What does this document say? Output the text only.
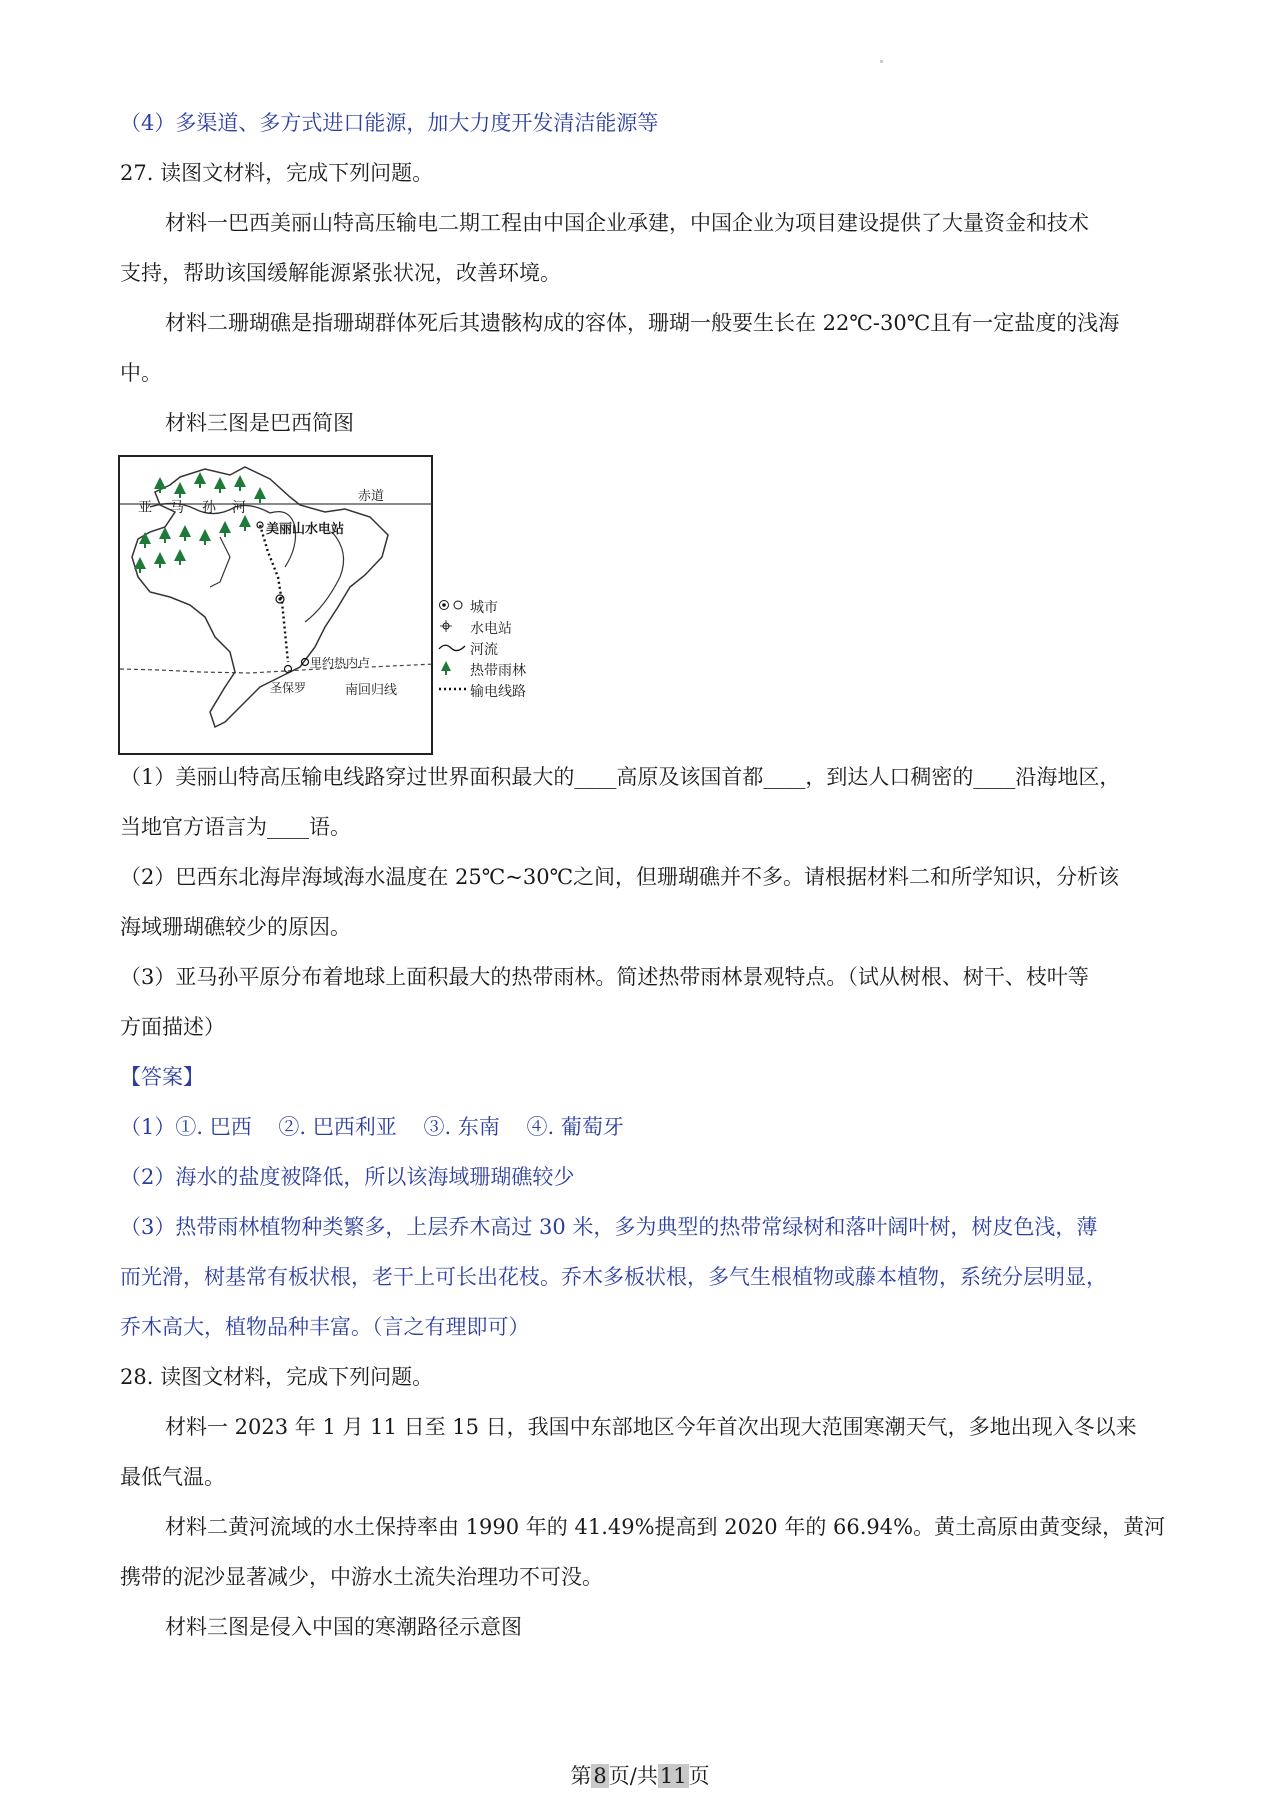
（4）多渠道、多方式进口能源，加大力度开发清洁能源等
27. 读图文材料，完成下列问题。
材料一巴西美丽山特高压输电二期工程由中国企业承建，中国企业为项目建设提供了大量资金和技术
支持，帮助该国缓解能源紧张状况，改善环境。
材料二珊瑚礁是指珊瑚群体死后其遗骸构成的容体，珊瑚一般要生长在 22℃-30℃且有一定盐度的浅海
中。
材料三图是巴西简图
赤道
亚 马 孙 河
美丽山水电站
里约热内卢
圣保罗	南回归线
城市
水电站
河流
热带雨林
输电线路
（1）美丽山特高压输电线路穿过世界面积最大的____高原及该国首都____，到达人口稠密的____沿海地区，
当地官方语言为____语。
（2）巴西东北海岸海域海水温度在 25℃~30℃之间，但珊瑚礁并不多。请根据材料二和所学知识，分析该
海域珊瑚礁较少的原因。
（3）亚马孙平原分布着地球上面积最大的热带雨林。简述热带雨林景观特点。（试从树根、树干、枝叶等
方面描述）
【答案】
（1）①. 巴西    ②. 巴西利亚    ③. 东南    ④. 葡萄牙
（2）海水的盐度被降低，所以该海域珊瑚礁较少
（3）热带雨林植物种类繁多，上层乔木高过 30 米，多为典型的热带常绿树和落叶阔叶树，树皮色浅，薄
而光滑，树基常有板状根，老干上可长出花枝。乔木多板状根，多气生根植物或藤本植物，系统分层明显，
乔木高大，植物品种丰富。（言之有理即可）
28. 读图文材料，完成下列问题。
材料一 2023 年 1 月 11 日至 15 日，我国中东部地区今年首次出现大范围寒潮天气，多地出现入冬以来
最低气温。
材料二黄河流域的水土保持率由 1990 年的 41.49%提高到 2020 年的 66.94%。黄土高原由黄变绿，黄河
携带的泥沙显著减少，中游水土流失治理功不可没。
材料三图是侵入中国的寒潮路径示意图
第8页/共11页
